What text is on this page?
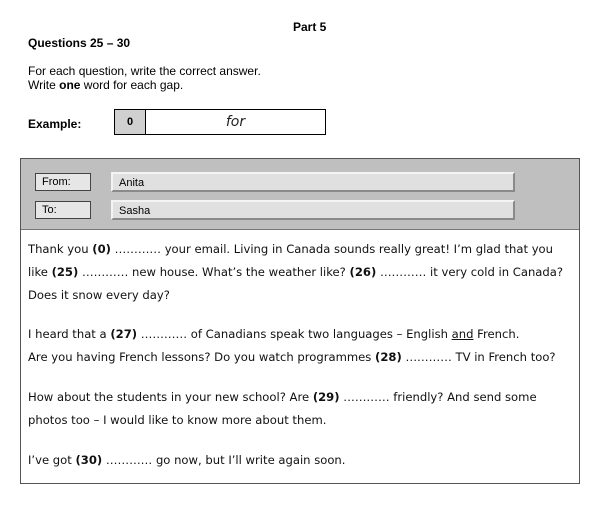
Part 5
Questions 25 – 30
For each question, write the correct answer.
Write one word for each gap.
Example:	0	for
From:	Anita
To:	Sasha
Thank you (0) ………… your email. Living in Canada sounds really great! I’m glad that you like (25) ………… new house. What’s the weather like? (26) ………… it very cold in Canada? Does it snow every day?
I heard that a (27) ………… of Canadians speak two languages – English and French.
Are you having French lessons? Do you watch programmes (28) ………… TV in French too?
How about the students in your new school? Are (29) ………… friendly? And send some photos too – I would like to know more about them.
I’ve got (30) ………… go now, but I’ll write again soon.
